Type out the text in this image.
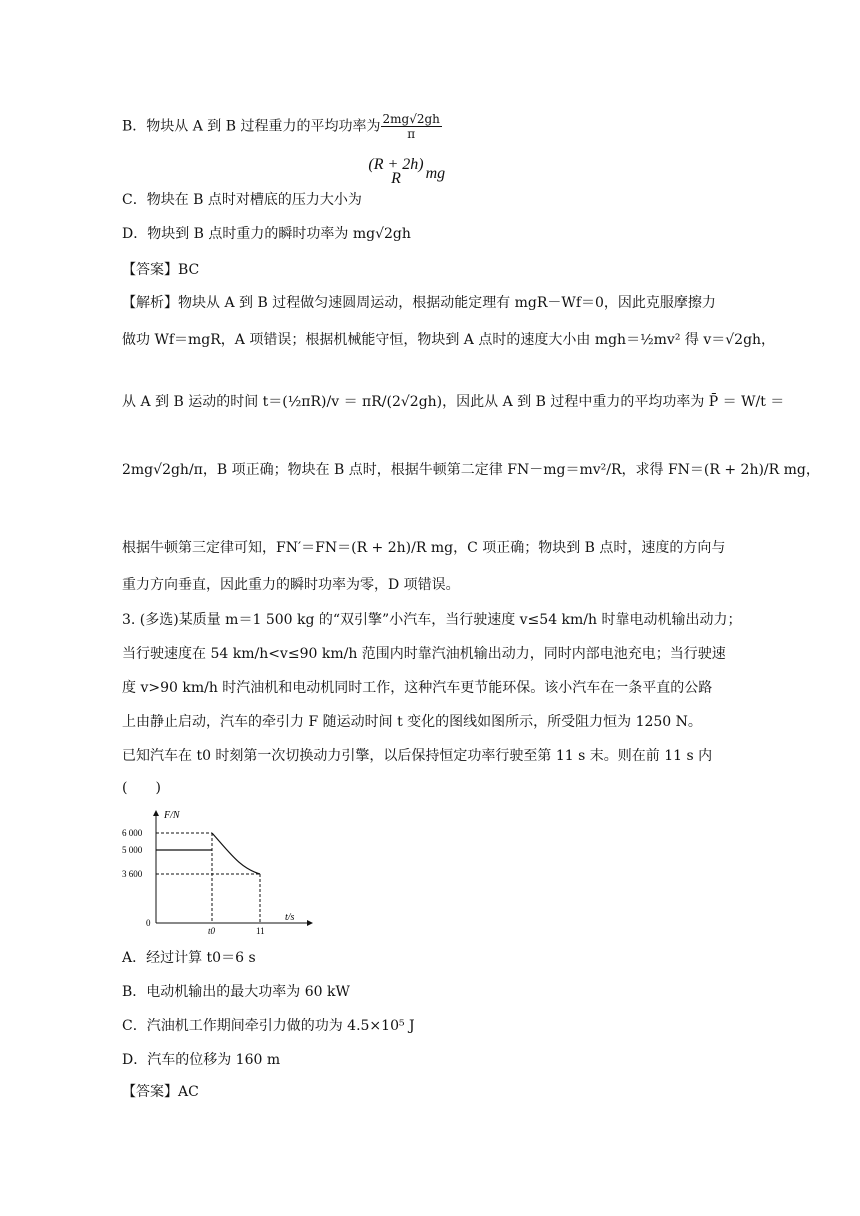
B．物块从 A 到 B 过程重力的平均功率为 $\frac{2mg√2gh}{\pi}$
C．物块在 B 点时对槽底的压力大小为
(R + 2h)
R	mg
D．物块到 B 点时重力的瞬时功率为 mg√2gh
【答案】BC
【解析】物块从 A 到 B 过程做匀速圆周运动，根据动能定理有 mgR－Wf＝0，因此克服摩擦力
做功 Wf＝mgR，A 项错误；根据机械能守恒，物块到 A 点时的速度大小由 mgh＝½mv² 得 v＝√2gh，
从 A 到 B 运动的时间 t＝(½πR)/v ＝ πR/(2√2gh)，因此从 A 到 B 过程中重力的平均功率为 P̄ ＝ W/t ＝
2mg√2gh/π，B 项正确；物块在 B 点时，根据牛顿第二定律 FN－mg＝mv²/R，求得 FN＝(R + 2h)/R mg，
根据牛顿第三定律可知，FN′＝FN＝(R + 2h)/R mg，C 项正确；物块到 B 点时，速度的方向与
重力方向垂直，因此重力的瞬时功率为零，D 项错误。
3. (多选)某质量 m＝1 500 kg 的“双引擎”小汽车，当行驶速度 v≤54 km/h 时靠电动机输出动力；
当行驶速度在 54 km/h<v≤90 km/h 范围内时靠汽油机输出动力，同时内部电池充电；当行驶速
度 v>90 km/h 时汽油机和电动机同时工作，这种汽车更节能环保。该小汽车在一条平直的公路
上由静止启动，汽车的牵引力 F 随运动时间 t 变化的图线如图所示，所受阻力恒为 1250 N。
已知汽车在 t0 时刻第一次切换动力引擎，以后保持恒定功率行驶至第 11 s 末。则在前 11 s 内
(　　)
F/N
t/s
6 000
5 000
3 600
0
t0	11
A．经过计算 t0＝6 s
B．电动机输出的最大功率为 60 kW
C．汽油机工作期间牵引力做的功为 4.5×10⁵ J
D．汽车的位移为 160 m
【答案】AC
